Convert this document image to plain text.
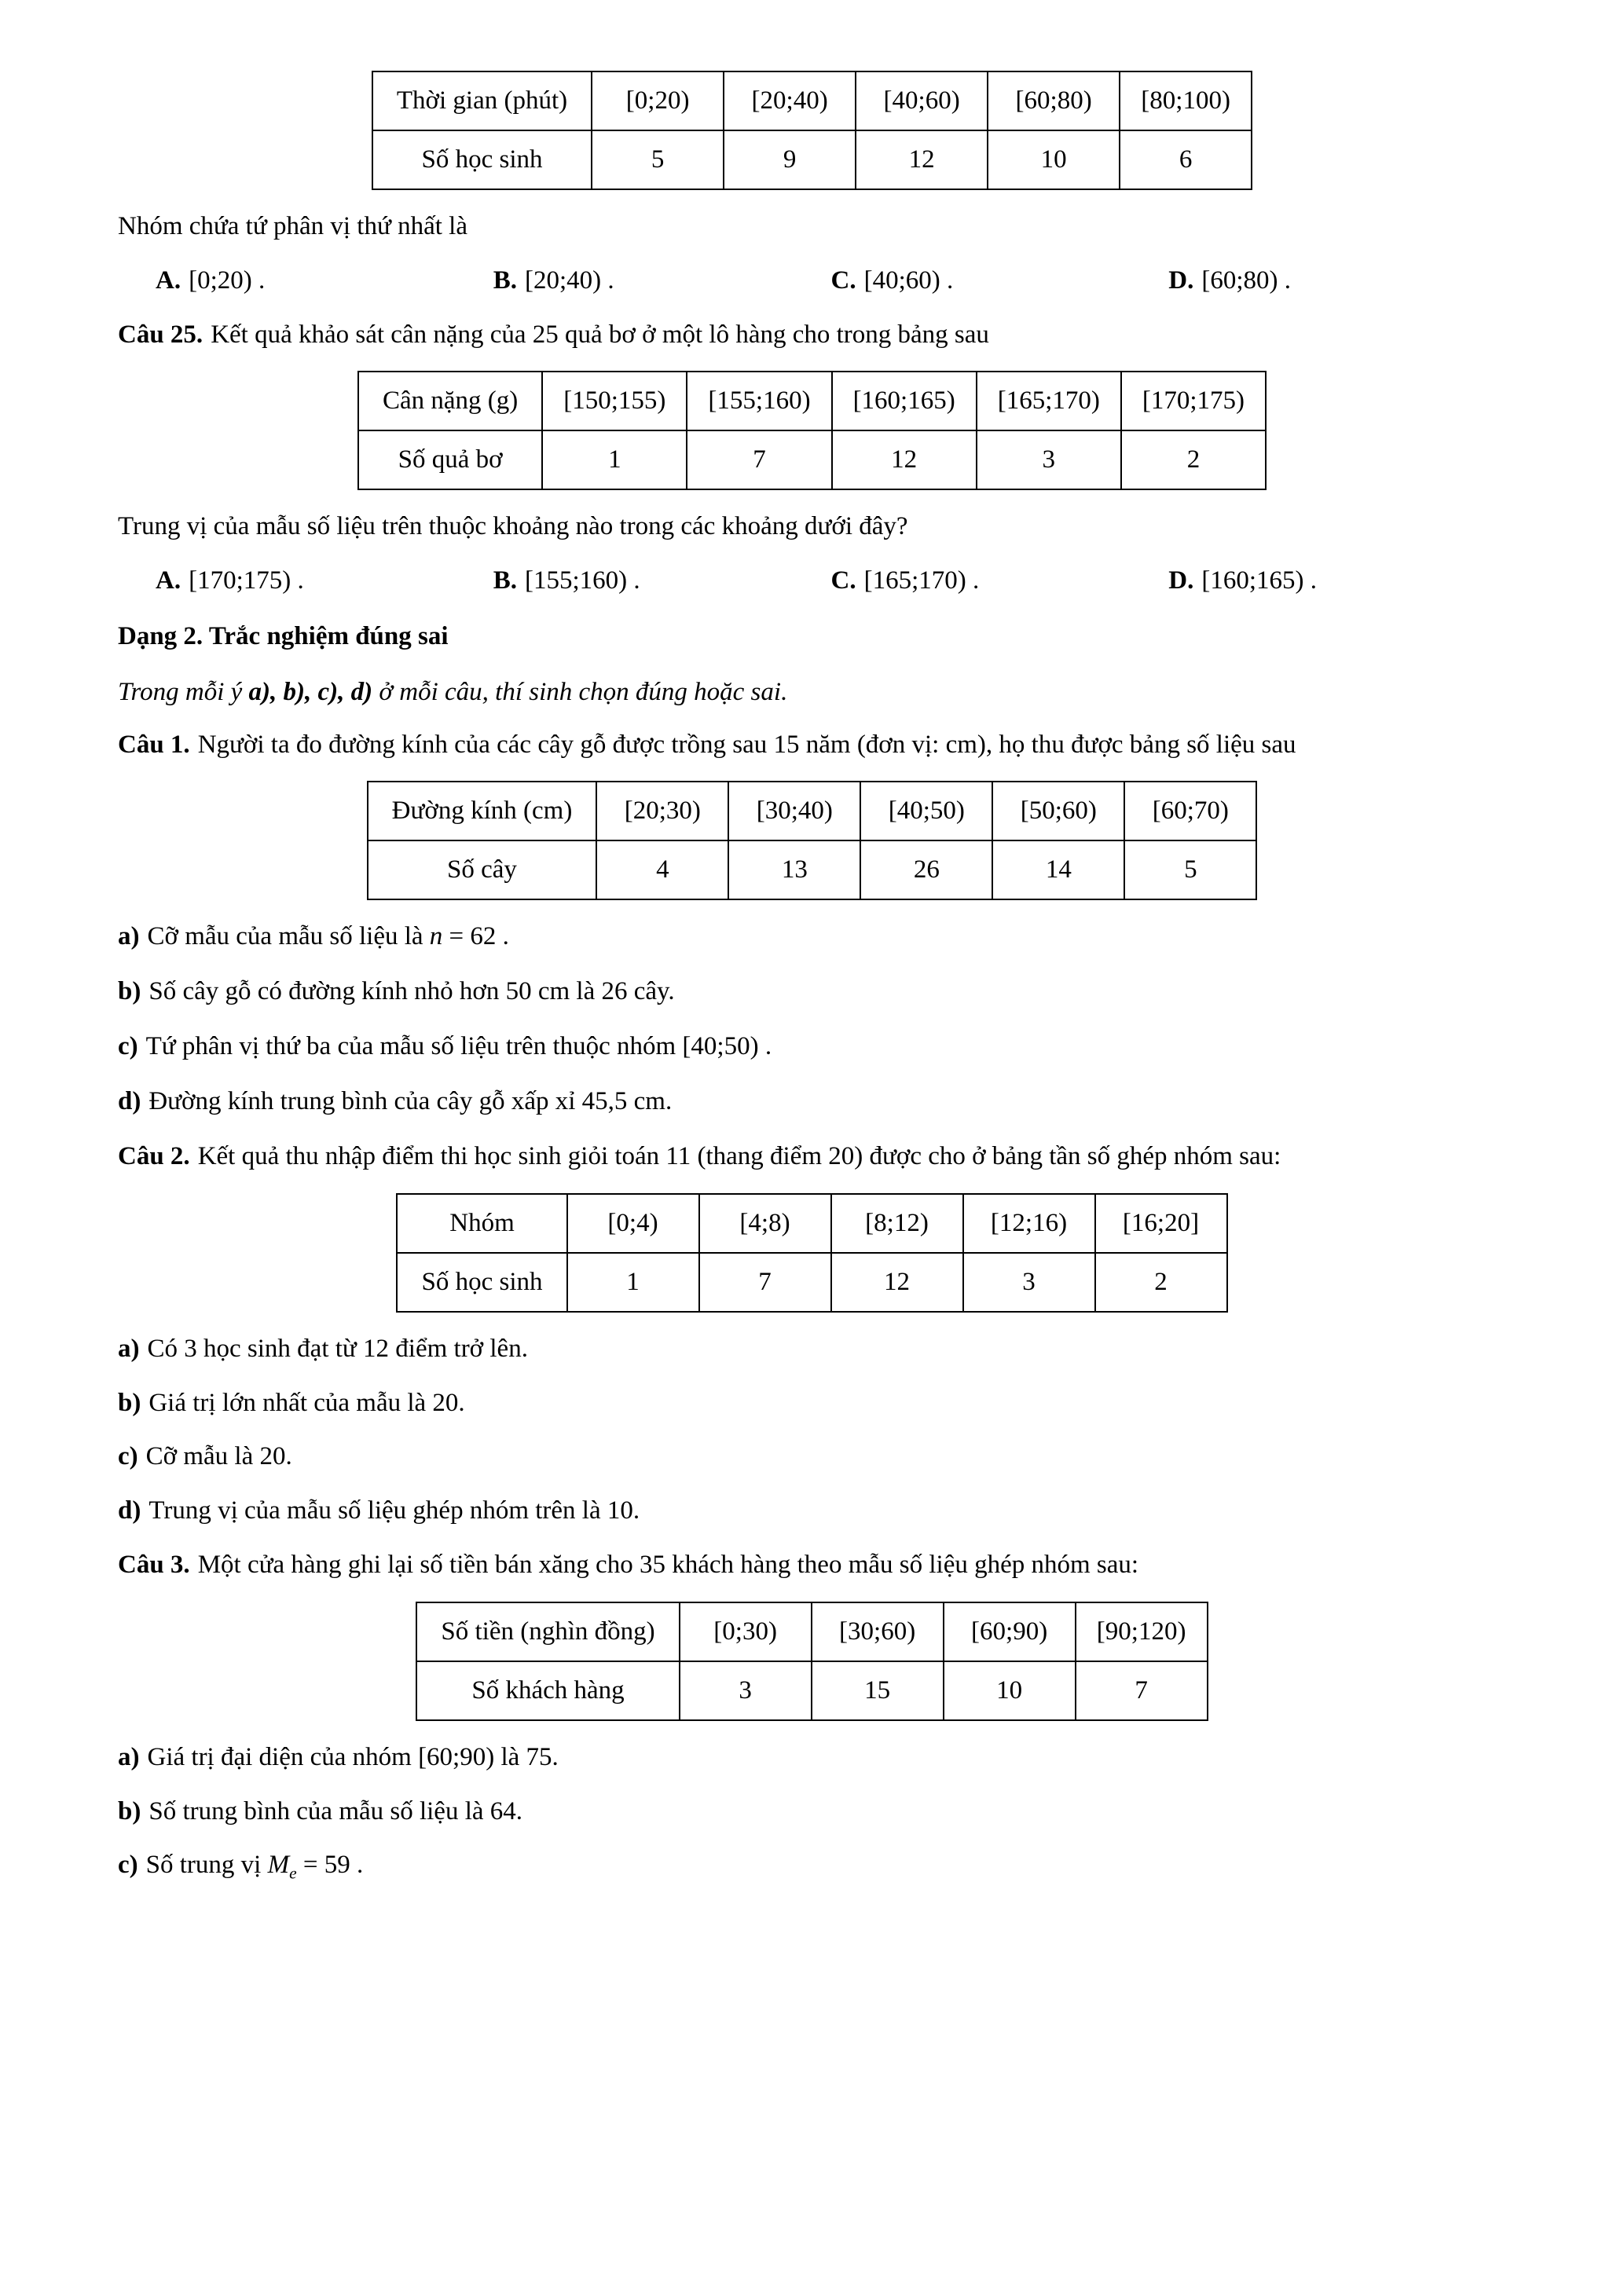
Thời gian (phút)	[0;20)	[20;40)	[40;60)	[60;80)	[80;100)
Số học sinh	5	9	12	10	6

Nhóm chứa tứ phân vị thứ nhất là

A. [0;20) .	B. [20;40) .	C. [40;60) .	D. [60;80) .

Câu 25. Kết quả khảo sát cân nặng của 25 quả bơ ở một lô hàng cho trong bảng sau

Cân nặng (g)	[150;155)	[155;160)	[160;165)	[165;170)	[170;175)
Số quả bơ	1	7	12	3	2

Trung vị của mẫu số liệu trên thuộc khoảng nào trong các khoảng dưới đây?

A. [170;175) .	B. [155;160) .	C. [165;170) .	D. [160;165) .

Dạng 2. Trắc nghiệm đúng sai

Trong mỗi ý a), b), c), d) ở mỗi câu, thí sinh chọn đúng hoặc sai.

Câu 1. Người ta đo đường kính của các cây gỗ được trồng sau 15 năm (đơn vị: cm), họ thu được bảng số liệu sau

Đường kính (cm)	[20;30)	[30;40)	[40;50)	[50;60)	[60;70)
Số cây	4	13	26	14	5

a) Cỡ mẫu của mẫu số liệu là n = 62 .

b) Số cây gỗ có đường kính nhỏ hơn 50 cm là 26 cây.

c) Tứ phân vị thứ ba của mẫu số liệu trên thuộc nhóm [40;50) .

d) Đường kính trung bình của cây gỗ xấp xỉ 45,5 cm.

Câu 2. Kết quả thu nhập điểm thi học sinh giỏi toán 11 (thang điểm 20) được cho ở bảng tần số ghép nhóm sau:

Nhóm	[0;4)	[4;8)	[8;12)	[12;16)	[16;20]
Số học sinh	1	7	12	3	2

a) Có 3 học sinh đạt từ 12 điểm trở lên.

b) Giá trị lớn nhất của mẫu là 20.

c) Cỡ mẫu là 20.

d) Trung vị của mẫu số liệu ghép nhóm trên là 10.

Câu 3. Một cửa hàng ghi lại số tiền bán xăng cho 35 khách hàng theo mẫu số liệu ghép nhóm sau:

Số tiền (nghìn đồng)	[0;30)	[30;60)	[60;90)	[90;120)
Số khách hàng	3	15	10	7

a) Giá trị đại diện của nhóm [60;90) là 75.

b) Số trung bình của mẫu số liệu là 64.

c) Số trung vị $M_e = 59$ .
